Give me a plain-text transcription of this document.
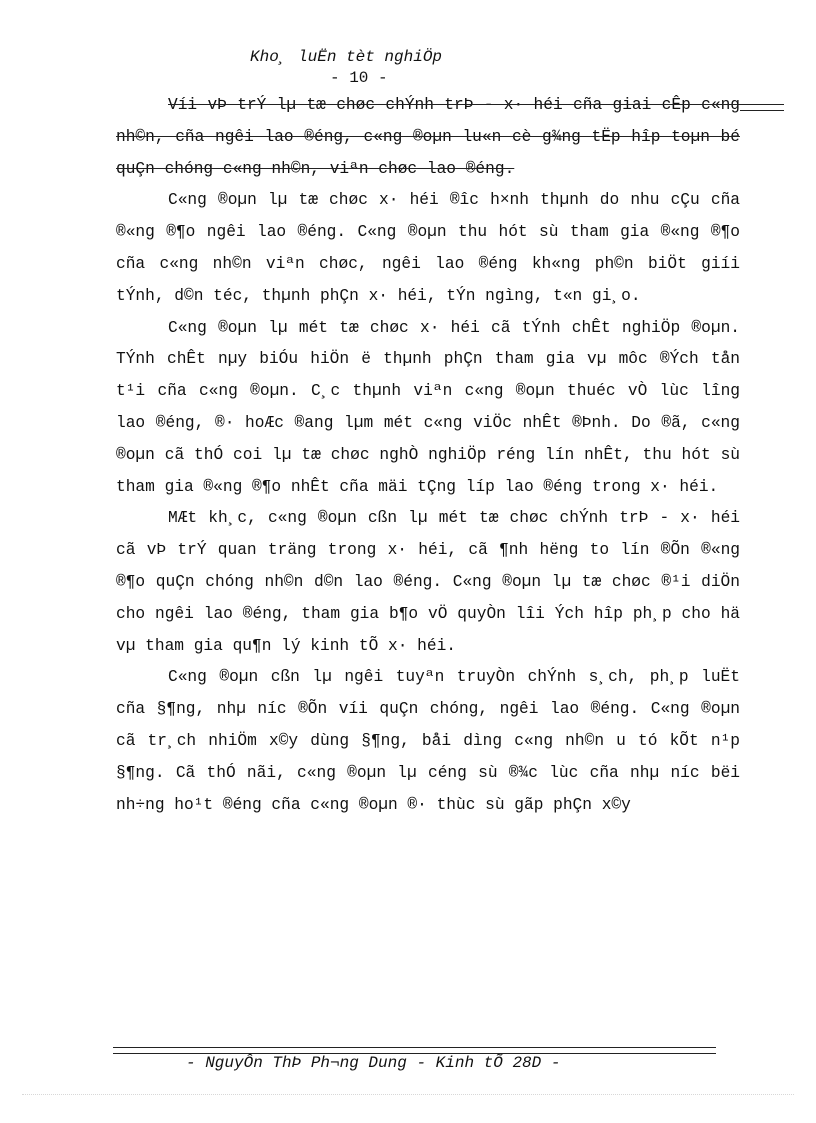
Kho¸ luËn tèt nghiÖp
- 10 -

Víi vÞ trÝ lµ tæ chøc chÝnh trÞ - x· héi cña giai cÊp c«ng nh©n, cña ngêi lao ®éng, c«ng ®oµn lu«n cè g¾ng tËp hîp toµn bé quÇn chóng c«ng nh©n, viªn chøc lao ®éng.

C«ng ®oµn lµ tæ chøc x· héi ®îc h×nh thµnh do nhu cÇu cña ®«ng ®¶o ngêi lao ®éng. C«ng ®oµn thu hót sù tham gia ®«ng ®¶o cña c«ng nh©n viªn chøc, ngêi lao ®éng kh«ng ph©n biÖt giíi tÝnh, d©n téc, thµnh phÇn x· héi, tÝn ngìng, t«n gi¸o.

C«ng ®oµn lµ mét tæ chøc x· héi cã tÝnh chÊt nghiÖp ®oµn. TÝnh chÊt nµy biÓu hiÖn ë thµnh phÇn tham gia vµ môc ®Ých tån t¹i cña c«ng ®oµn. C¸c thµnh viªn c«ng ®oµn thuéc vÒ lùc lîng lao ®éng, ®· hoÆc ®ang lµm mét c«ng viÖc nhÊt ®Þnh. Do ®ã, c«ng ®oµn cã thÓ coi lµ tæ chøc nghÒ nghiÖp réng lín nhÊt, thu hót sù tham gia ®«ng ®¶o nhÊt cña mäi tÇng líp lao ®éng trong x· héi.

MÆt kh¸c, c«ng ®oµn cßn lµ mét tæ chøc chÝnh trÞ - x· héi cã vÞ trÝ quan träng trong x· héi, cã ¶nh hëng to lín ®Õn ®«ng ®¶o quÇn chóng nh©n d©n lao ®éng. C«ng ®oµn lµ tæ chøc ®¹i diÖn cho ngêi lao ®éng, tham gia b¶o vÖ quyÒn lîi Ých hîp ph¸p cho hä vµ tham gia qu¶n lý kinh tÕ x· héi.

C«ng ®oµn cßn lµ ngêi tuyªn truyÒn chÝnh s¸ch, ph¸p luËt cña §¶ng, nhµ níc ®Õn víi quÇn chóng, ngêi lao ®éng. C«ng ®oµn cã tr¸ch nhiÖm x©y dùng §¶ng, båi dìng c«ng nh©n u tó kÕt n¹p §¶ng. Cã thÓ nãi, c«ng ®oµn lµ céng sù ®¾c lùc cña nhµ níc bëi nh÷ng ho¹t ®éng cña c«ng ®oµn ®· thùc sù gãp phÇn x©y

- NguyÔn ThÞ Ph¬ng Dung - Kinh tÕ 28D -
